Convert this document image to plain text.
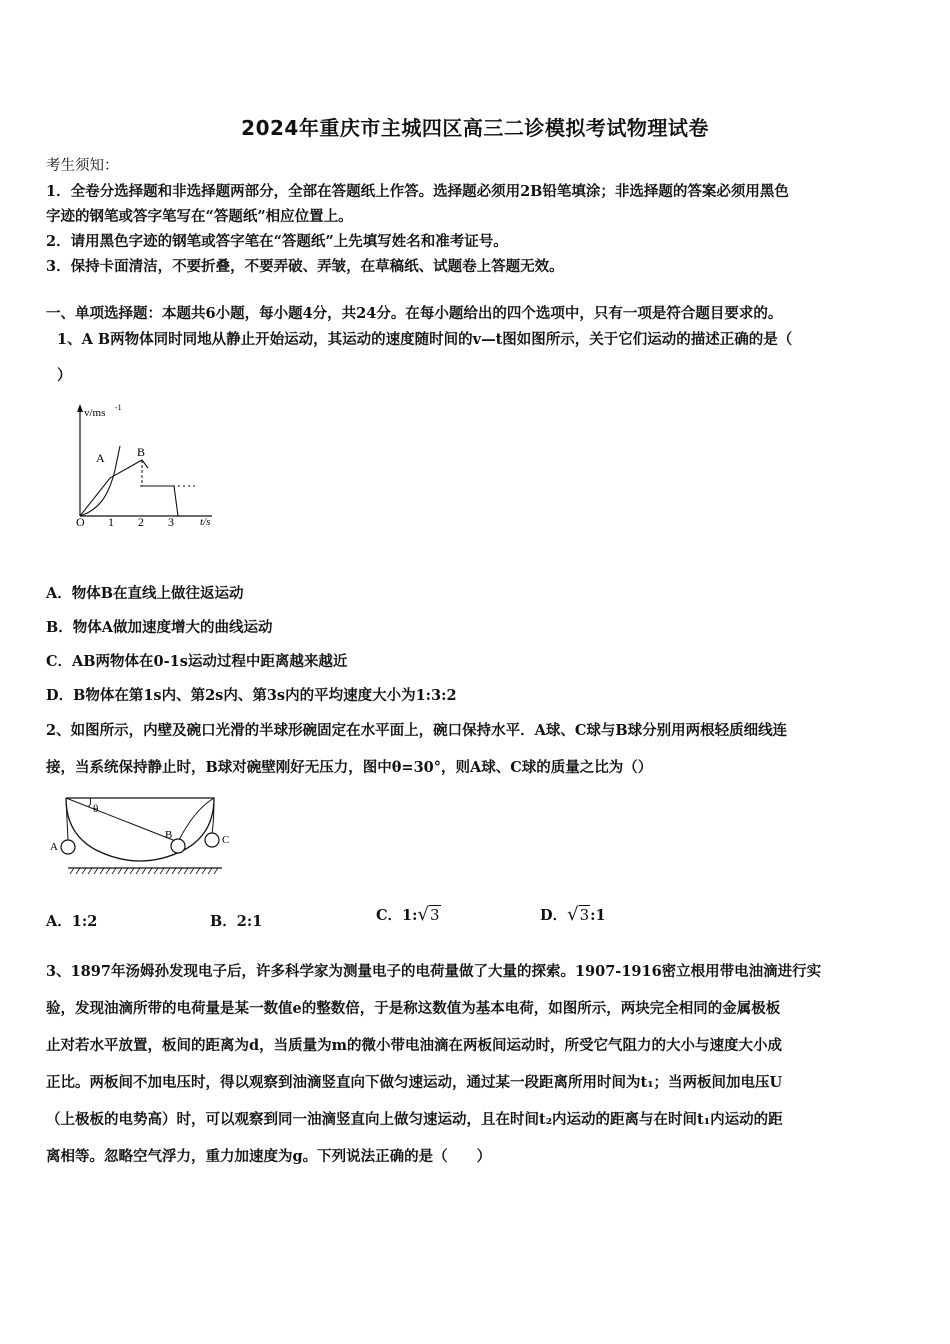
2024年重庆市主城四区高三二诊模拟考试物理试卷
考生须知：
1．全卷分选择题和非选择题两部分，全部在答题纸上作答。选择题必须用2B铅笔填涂；非选择题的答案必须用黑色
字迹的钢笔或答字笔写在“答题纸”相应位置上。
2．请用黑色字迹的钢笔或答字笔在“答题纸”上先填写姓名和准考证号。
3．保持卡面清洁，不要折叠，不要弄破、弄皱，在草稿纸、试题卷上答题无效。
一、单项选择题：本题共6小题，每小题4分，共24分。在每小题给出的四个选项中，只有一项是符合题目要求的。
1、A B两物体同时同地从静止开始运动，其运动的速度随时间的v—t图如图所示，关于它们运动的描述正确的是（
）
v/ms -1
t/s
O 1 2 3
A	B
A．物体B在直线上做往返运动
B．物体A做加速度增大的曲线运动
C．AB两物体在0-1s运动过程中距离越来越近
D．B物体在第1s内、第2s内、第3s内的平均速度大小为1:3:2
2、如图所示，内壁及碗口光滑的半球形碗固定在水平面上，碗口保持水平．A球、C球与B球分别用两根轻质细线连
接，当系统保持静止时，B球对碗壁刚好无压力，图中θ=30°，则A球、C球的质量之比为（）
θ
A
B	C
A．1:2	B．2:1	C．1:√3	D．√3:1
3、1897年汤姆孙发现电子后，许多科学家为测量电子的电荷量做了大量的探索。1907-1916密立根用带电油滴进行实
验，发现油滴所带的电荷量是某一数值e的整数倍，于是称这数值为基本电荷，如图所示，两块完全相同的金属极板
止对若水平放置，板间的距离为d，当质量为m的微小带电油滴在两板间运动时，所受它气阻力的大小与速度大小成
正比。两板间不加电压时，得以观察到油滴竖直向下做匀速运动，通过某一段距离所用时间为t₁；当两板间加电压U
（上极板的电势高）时，可以观察到同一油滴竖直向上做匀速运动，且在时间t₂内运动的距离与在时间t₁内运动的距
离相等。忽略空气浮力，重力加速度为g。下列说法正确的是（　　）
